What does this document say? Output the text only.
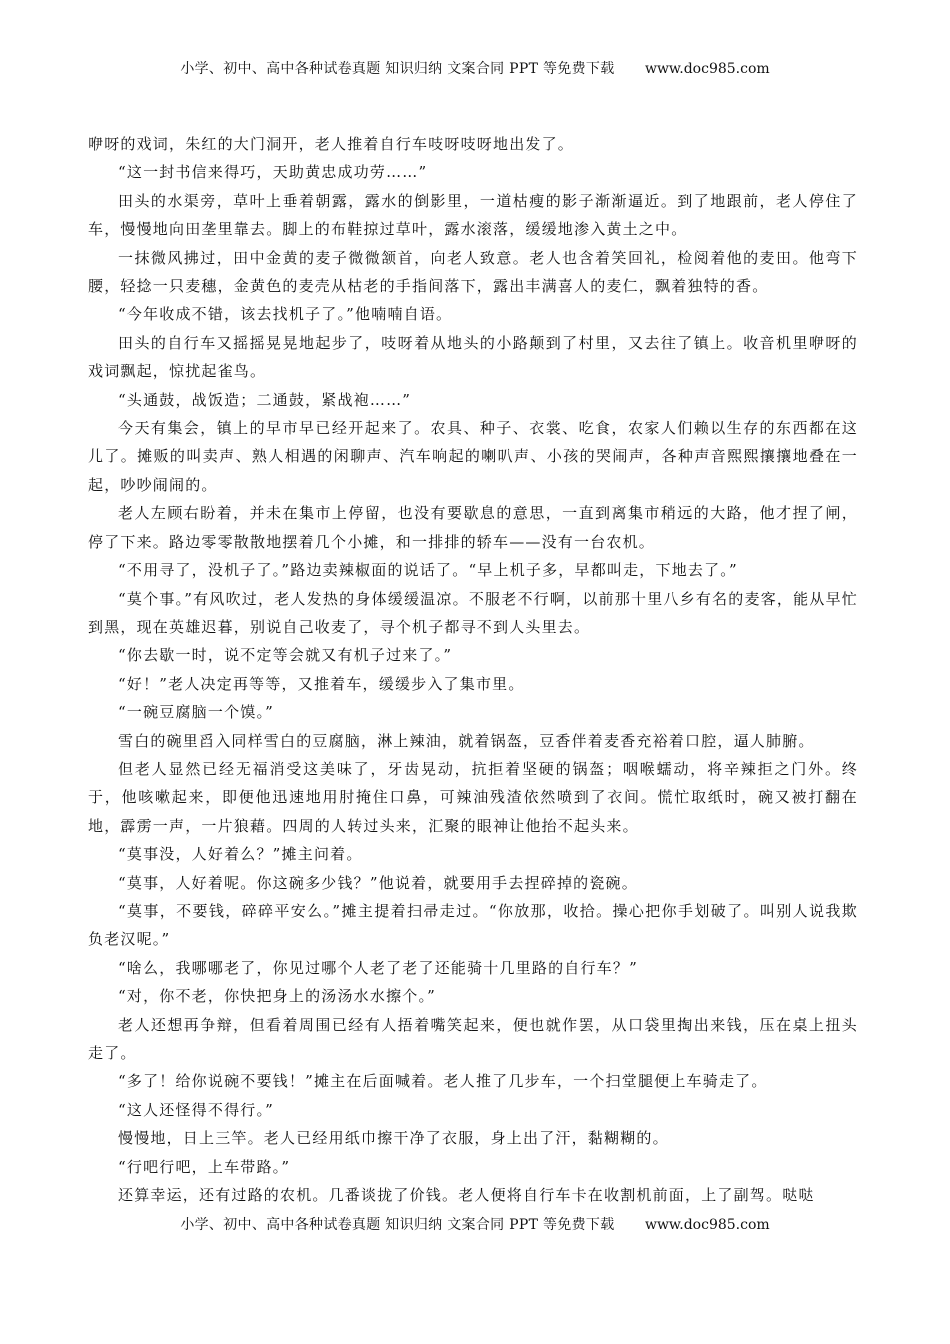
小学、初中、高中各种试卷真题 知识归纳 文案合同 PPT 等免费下载 www.doc985.com

咿呀的戏词，朱红的大门洞开，老人推着自行车吱呀吱呀地出发了。

“这一封书信来得巧，天助黄忠成功劳……”

田头的水渠旁，草叶上垂着朝露，露水的倒影里，一道枯瘦的影子渐渐逼近。到了地跟前，老人停住了车，慢慢地向田垄里靠去。脚上的布鞋掠过草叶，露水滚落，缓缓地渗入黄土之中。

一抹微风拂过，田中金黄的麦子微微颔首，向老人致意。老人也含着笑回礼，检阅着他的麦田。他弯下腰，轻捻一只麦穗，金黄色的麦壳从枯老的手指间落下，露出丰满喜人的麦仁，飘着独特的香。

“今年收成不错，该去找机子了。”他喃喃自语。

田头的自行车又摇摇晃晃地起步了，吱呀着从地头的小路颠到了村里，又去往了镇上。收音机里咿呀的戏词飘起，惊扰起雀鸟。

“头通鼓，战饭造；二通鼓，紧战袍……”

今天有集会，镇上的早市早已经开起来了。农具、种子、衣裳、吃食，农家人们赖以生存的东西都在这儿了。摊贩的叫卖声、熟人相遇的闲聊声、汽车响起的喇叭声、小孩的哭闹声，各种声音熙熙攘攘地叠在一起，吵吵闹闹的。

老人左顾右盼着，并未在集市上停留，也没有要歇息的意思，一直到离集市稍远的大路，他才捏了闸，停了下来。路边零零散散地摆着几个小摊，和一排排的轿车——没有一台农机。

“不用寻了，没机子了。”路边卖辣椒面的说话了。“早上机子多，早都叫走，下地去了。”

“莫个事。”有风吹过，老人发热的身体缓缓温凉。不服老不行啊，以前那十里八乡有名的麦客，能从早忙到黑，现在英雄迟暮，别说自己收麦了，寻个机子都寻不到人头里去。

“你去歇一时，说不定等会就又有机子过来了。”

“好！”老人决定再等等，又推着车，缓缓步入了集市里。

“一碗豆腐脑一个馍。”

雪白的碗里舀入同样雪白的豆腐脑，淋上辣油，就着锅盔，豆香伴着麦香充裕着口腔，逼人肺腑。

但老人显然已经无福消受这美味了，牙齿晃动，抗拒着坚硬的锅盔；咽喉蠕动，将辛辣拒之门外。终于，他咳嗽起来，即便他迅速地用肘掩住口鼻，可辣油残渣依然喷到了衣间。慌忙取纸时，碗又被打翻在地，霹雳一声，一片狼藉。四周的人转过头来，汇聚的眼神让他抬不起头来。

“莫事没，人好着么？”摊主问着。

“莫事，人好着呢。你这碗多少钱？”他说着，就要用手去捏碎掉的瓷碗。

“莫事，不要钱，碎碎平安么。”摊主提着扫帚走过。“你放那，收拾。操心把你手划破了。叫别人说我欺负老汉呢。”

“啥么，我哪哪老了，你见过哪个人老了老了还能骑十几里路的自行车？”

“对，你不老，你快把身上的汤汤水水擦个。”

老人还想再争辩，但看着周围已经有人捂着嘴笑起来，便也就作罢，从口袋里掏出来钱，压在桌上扭头走了。

“多了！给你说碗不要钱！”摊主在后面喊着。老人推了几步车，一个扫堂腿便上车骑走了。

“这人还怪得不得行。”

慢慢地，日上三竿。老人已经用纸巾擦干净了衣服，身上出了汗，黏糊糊的。

“行吧行吧，上车带路。”

还算幸运，还有过路的农机。几番谈拢了价钱。老人便将自行车卡在收割机前面，上了副驾。哒哒

小学、初中、高中各种试卷真题 知识归纳 文案合同 PPT 等免费下载 www.doc985.com
